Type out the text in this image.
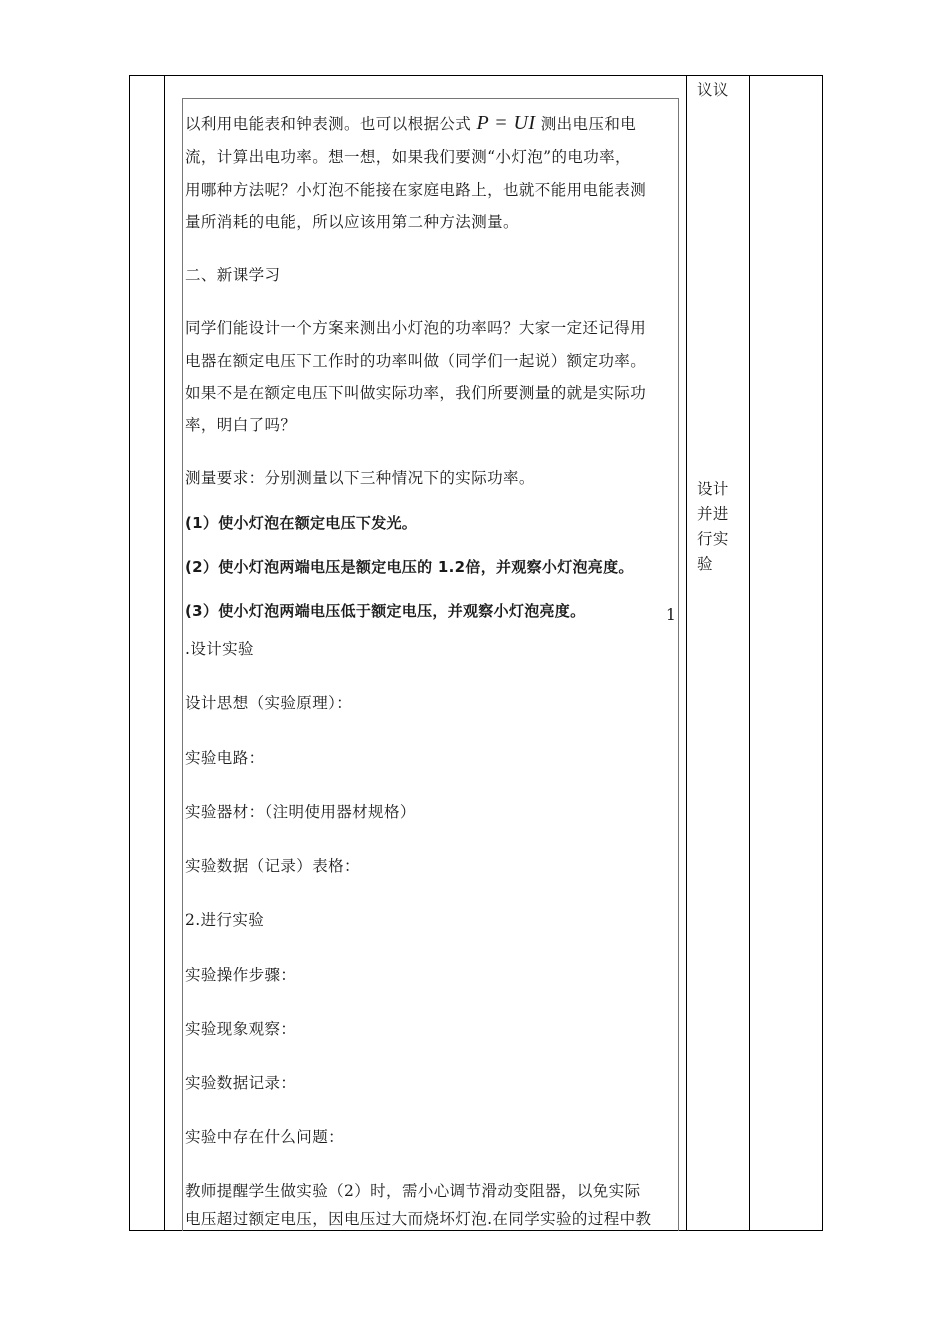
以利用电能表和钟表测。也可以根据公式 P = UI 测出电压和电
流，计算出电功率。想一想，如果我们要测“小灯泡”的电功率，
用哪种方法呢？小灯泡不能接在家庭电路上，也就不能用电能表测
量所消耗的电能，所以应该用第二种方法测量。
二、新课学习
同学们能设计一个方案来测出小灯泡的功率吗？大家一定还记得用
电器在额定电压下工作时的功率叫做（同学们一起说）额定功率。
如果不是在额定电压下叫做实际功率，我们所要测量的就是实际功
率，明白了吗？
测量要求：分别测量以下三种情况下的实际功率。
(1）使小灯泡在额定电压下发光。
(2）使小灯泡两端电压是额定电压的 1.2倍，并观察小灯泡亮度。
(3）使小灯泡两端电压低于额定电压，并观察小灯泡亮度。	1
.设计实验
设计思想（实验原理）：
实验电路：
实验器材：（注明使用器材规格）
实验数据（记录）表格：
2.进行实验
实验操作步骤：
实验现象观察：
实验数据记录：
实验中存在什么问题：
教师提醒学生做实验（2）时，需小心调节滑动变阻器，以免实际
电压超过额定电压，因电压过大而烧坏灯泡.在同学实验的过程中教
议议
设计
并进
行实
验
